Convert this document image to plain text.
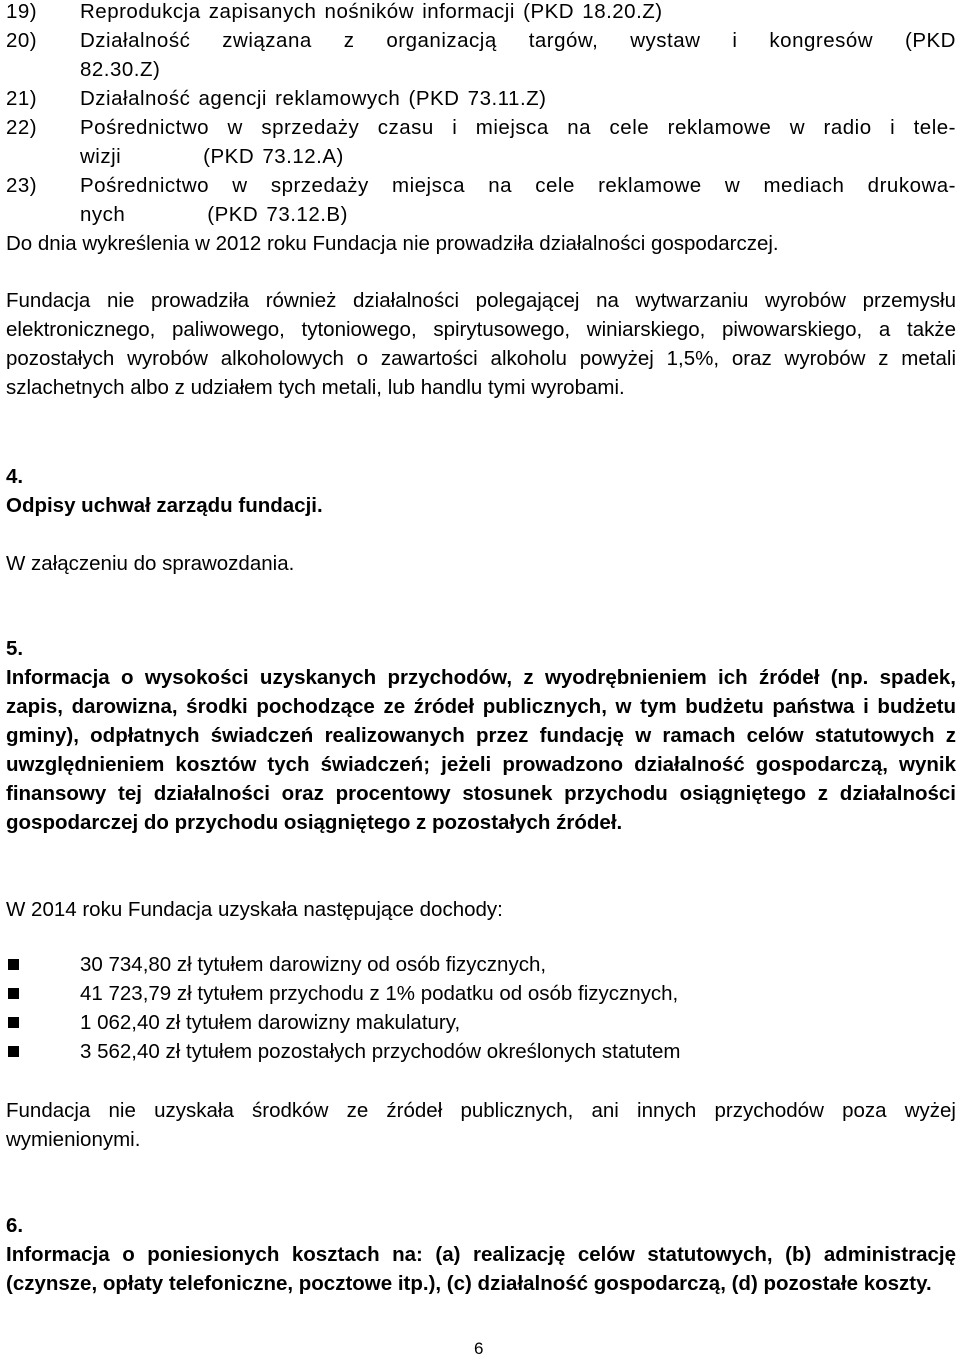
19) Reprodukcja zapisanych nośników informacji (PKD 18.20.Z)
20) Działalność związana z organizacją targów, wystaw i kongresów (PKD
82.30.Z)
21) Działalność agencji reklamowych (PKD 73.11.Z)
22) Pośrednictwo w sprzedaży czasu i miejsca na cele reklamowe w radio i tele-
wizji          (PKD 73.12.A)
23) Pośrednictwo w sprzedaży miejsca na cele reklamowe w mediach drukowa-
nych          (PKD 73.12.B)
Do dnia wykreślenia w 2012 roku Fundacja nie prowadziła działalności gospodarczej.
Fundacja nie prowadziła również działalności polegającej na wytwarzaniu wyrobów przemysłu elektronicznego, paliwowego, tytoniowego, spirytusowego, winiarskiego, piwowarskiego, a także pozostałych wyrobów alkoholowych o zawartości alkoholu powyżej 1,5%, oraz wyrobów z metali szlachetnych albo z udziałem tych metali, lub handlu tymi wyrobami.
4.
Odpisy uchwał zarządu fundacji.
W załączeniu do sprawozdania.
5.
Informacja o wysokości uzyskanych przychodów, z wyodrębnieniem ich źródeł (np. spadek, zapis, darowizna, środki pochodzące ze źródeł publicznych, w tym budżetu państwa i budżetu gminy), odpłatnych świadczeń realizowanych przez fundację w ramach celów statutowych z uwzględnieniem kosztów tych świadczeń; jeżeli prowadzono działalność gospodarczą, wynik finansowy tej działalności oraz procentowy stosunek przychodu osiągniętego z działalności gospodarczej do przychodu osiągniętego z pozostałych źródeł.
W 2014 roku Fundacja uzyskała następujące dochody:
30 734,80 zł tytułem darowizny od osób fizycznych,
41 723,79 zł tytułem przychodu z 1% podatku od osób fizycznych,
1 062,40 zł tytułem darowizny makulatury,
3 562,40 zł tytułem pozostałych przychodów określonych statutem
Fundacja nie uzyskała środków ze źródeł publicznych, ani innych przychodów poza wyżej wymienionymi.
6.
Informacja o poniesionych kosztach na: (a) realizację celów statutowych, (b) administrację (czynsze, opłaty telefoniczne, pocztowe itp.), (c) działalność gospodarczą, (d) pozostałe koszty.
6
